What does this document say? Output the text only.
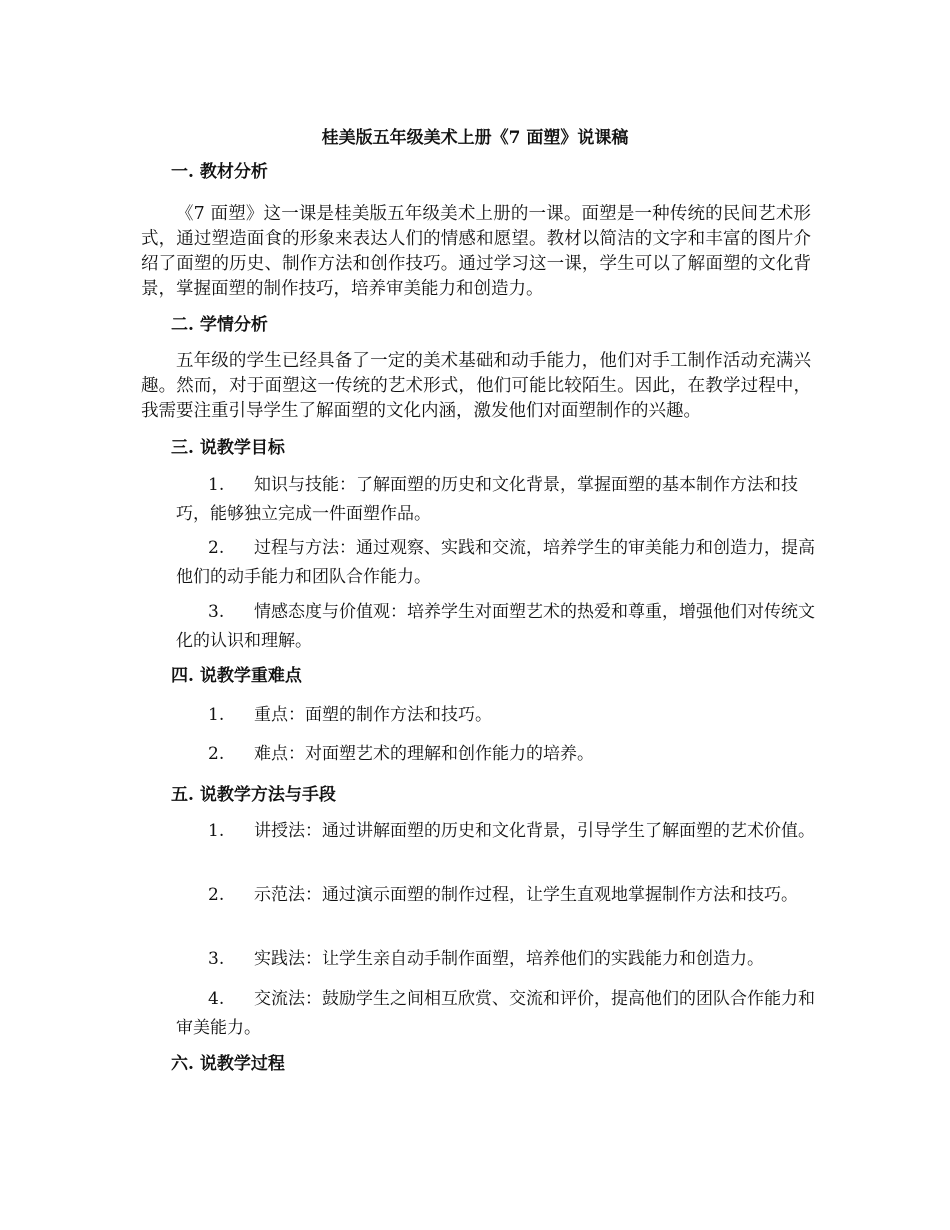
桂美版五年级美术上册《7 面塑》说课稿
一. 教材分析

《7 面塑》这一课是桂美版五年级美术上册的一课。面塑是一种传统的民间艺术形式，通过塑造面食的形象来表达人们的情感和愿望。教材以简洁的文字和丰富的图片介绍了面塑的历史、制作方法和创作技巧。通过学习这一课，学生可以了解面塑的文化背景，掌握面塑的制作技巧，培养审美能力和创造力。

二. 学情分析

五年级的学生已经具备了一定的美术基础和动手能力，他们对手工制作活动充满兴趣。然而，对于面塑这一传统的艺术形式，他们可能比较陌生。因此，在教学过程中，我需要注重引导学生了解面塑的文化内涵，激发他们对面塑制作的兴趣。

三. 说教学目标

1. 知识与技能：了解面塑的历史和文化背景，掌握面塑的基本制作方法和技巧，能够独立完成一件面塑作品。

2. 过程与方法：通过观察、实践和交流，培养学生的审美能力和创造力，提高他们的动手能力和团队合作能力。

3. 情感态度与价值观：培养学生对面塑艺术的热爱和尊重，增强他们对传统文化的认识和理解。

四. 说教学重难点

1. 重点：面塑的制作方法和技巧。

2. 难点：对面塑艺术的理解和创作能力的培养。

五. 说教学方法与手段

1. 讲授法：通过讲解面塑的历史和文化背景，引导学生了解面塑的艺术价值。

2. 示范法：通过演示面塑的制作过程，让学生直观地掌握制作方法和技巧。

3. 实践法：让学生亲自动手制作面塑，培养他们的实践能力和创造力。

4. 交流法：鼓励学生之间相互欣赏、交流和评价，提高他们的团队合作能力和审美能力。

六. 说教学过程
